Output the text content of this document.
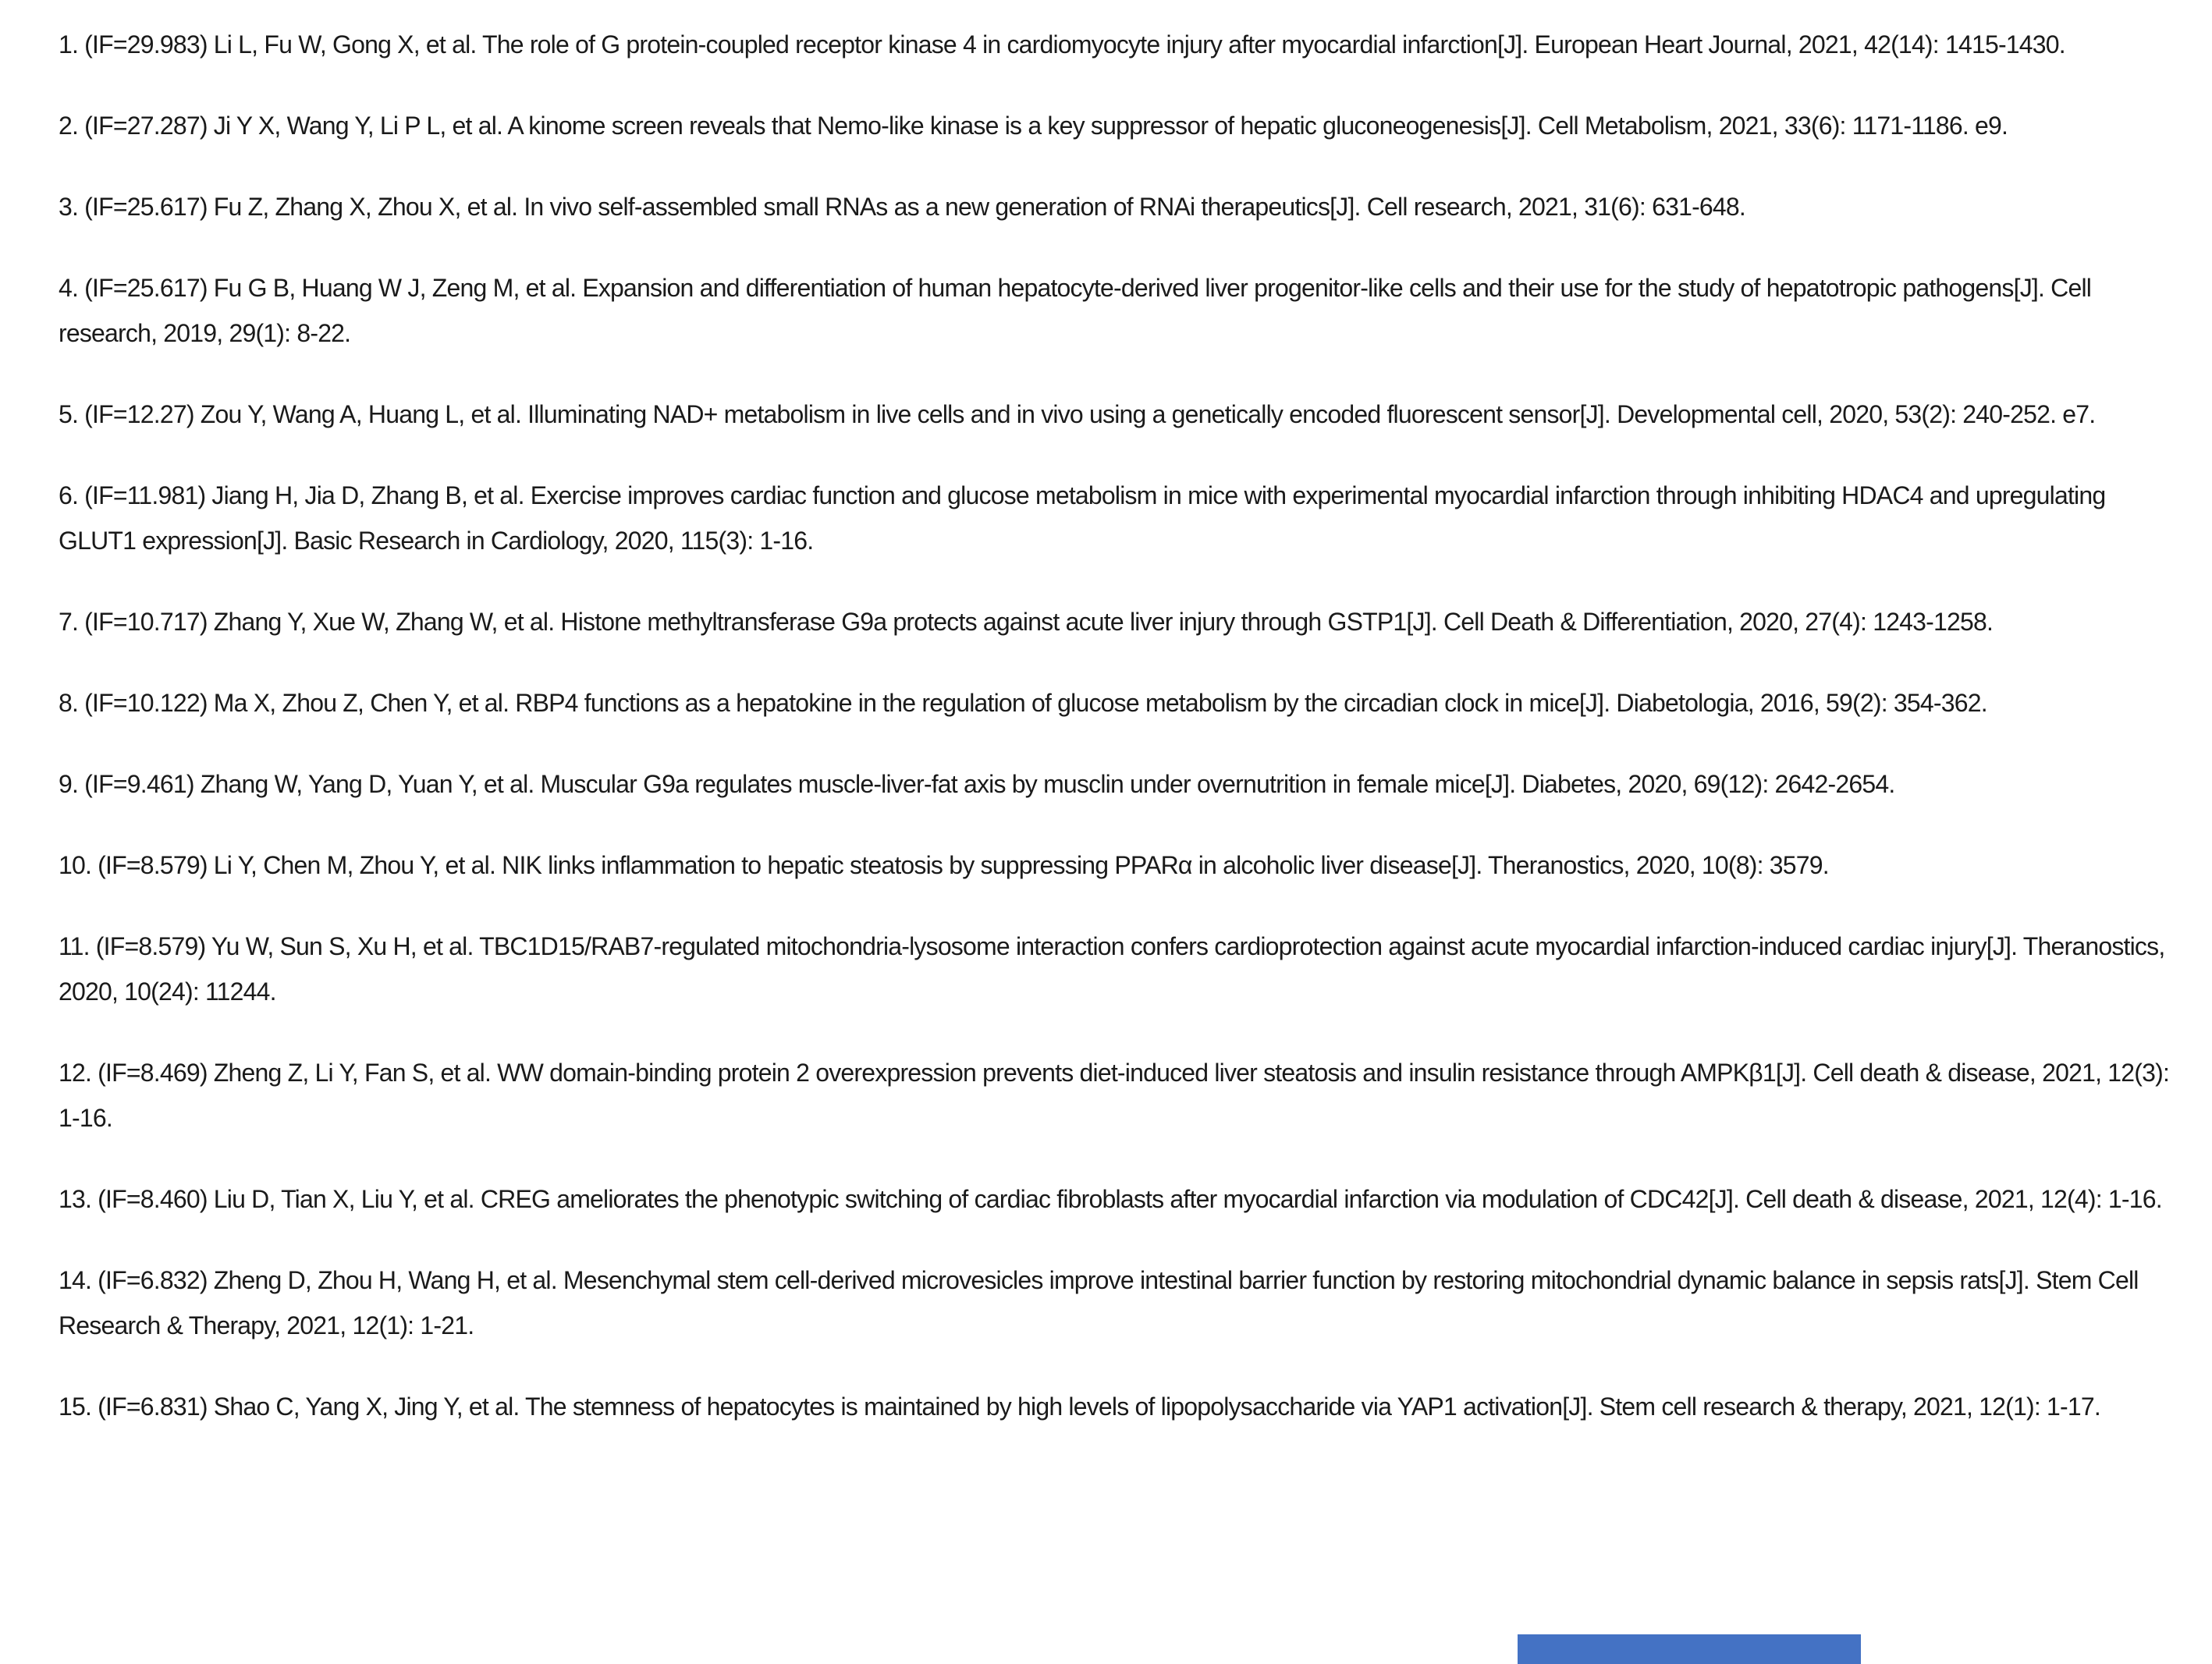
1. (IF=29.983) Li L, Fu W, Gong X, et al. The role of G protein-coupled receptor kinase 4 in cardiomyocyte injury after myocardial infarction[J]. European Heart Journal, 2021, 42(14): 1415-1430.

2. (IF=27.287) Ji Y X, Wang Y, Li P L, et al. A kinome screen reveals that Nemo-like kinase is a key suppressor of hepatic gluconeogenesis[J]. Cell Metabolism, 2021, 33(6): 1171-1186. e9.

3. (IF=25.617) Fu Z, Zhang X, Zhou X, et al. In vivo self-assembled small RNAs as a new generation of RNAi therapeutics[J]. Cell research, 2021, 31(6): 631-648.

4. (IF=25.617) Fu G B, Huang W J, Zeng M, et al. Expansion and differentiation of human hepatocyte-derived liver progenitor-like cells and their use for the study of hepatotropic pathogens[J]. Cell research, 2019, 29(1): 8-22.

5. (IF=12.27) Zou Y, Wang A, Huang L, et al. Illuminating NAD+ metabolism in live cells and in vivo using a genetically encoded fluorescent sensor[J]. Developmental cell, 2020, 53(2): 240-252. e7.

6. (IF=11.981) Jiang H, Jia D, Zhang B, et al. Exercise improves cardiac function and glucose metabolism in mice with experimental myocardial infarction through inhibiting HDAC4 and upregulating GLUT1 expression[J]. Basic Research in Cardiology, 2020, 115(3): 1-16.

7. (IF=10.717) Zhang Y, Xue W, Zhang W, et al. Histone methyltransferase G9a protects against acute liver injury through GSTP1[J]. Cell Death & Differentiation, 2020, 27(4): 1243-1258.

8. (IF=10.122) Ma X, Zhou Z, Chen Y, et al. RBP4 functions as a hepatokine in the regulation of glucose metabolism by the circadian clock in mice[J]. Diabetologia, 2016, 59(2): 354-362.

9. (IF=9.461) Zhang W, Yang D, Yuan Y, et al. Muscular G9a regulates muscle-liver-fat axis by musclin under overnutrition in female mice[J]. Diabetes, 2020, 69(12): 2642-2654.

10. (IF=8.579) Li Y, Chen M, Zhou Y, et al. NIK links inflammation to hepatic steatosis by suppressing PPARα in alcoholic liver disease[J]. Theranostics, 2020, 10(8): 3579.

11. (IF=8.579) Yu W, Sun S, Xu H, et al. TBC1D15/RAB7-regulated mitochondria-lysosome interaction confers cardioprotection against acute myocardial infarction-induced cardiac injury[J]. Theranostics, 2020, 10(24): 11244.

12. (IF=8.469) Zheng Z, Li Y, Fan S, et al. WW domain-binding protein 2 overexpression prevents diet-induced liver steatosis and insulin resistance through AMPKβ1[J]. Cell death & disease, 2021, 12(3): 1-16.

13. (IF=8.460) Liu D, Tian X, Liu Y, et al. CREG ameliorates the phenotypic switching of cardiac fibroblasts after myocardial infarction via modulation of CDC42[J]. Cell death & disease, 2021, 12(4): 1-16.

14. (IF=6.832) Zheng D, Zhou H, Wang H, et al. Mesenchymal stem cell-derived microvesicles improve intestinal barrier function by restoring mitochondrial dynamic balance in sepsis rats[J]. Stem Cell Research & Therapy, 2021, 12(1): 1-21.

15. (IF=6.831) Shao C, Yang X, Jing Y, et al. The stemness of hepatocytes is maintained by high levels of lipopolysaccharide via YAP1 activation[J]. Stem cell research & therapy, 2021, 12(1): 1-17.
